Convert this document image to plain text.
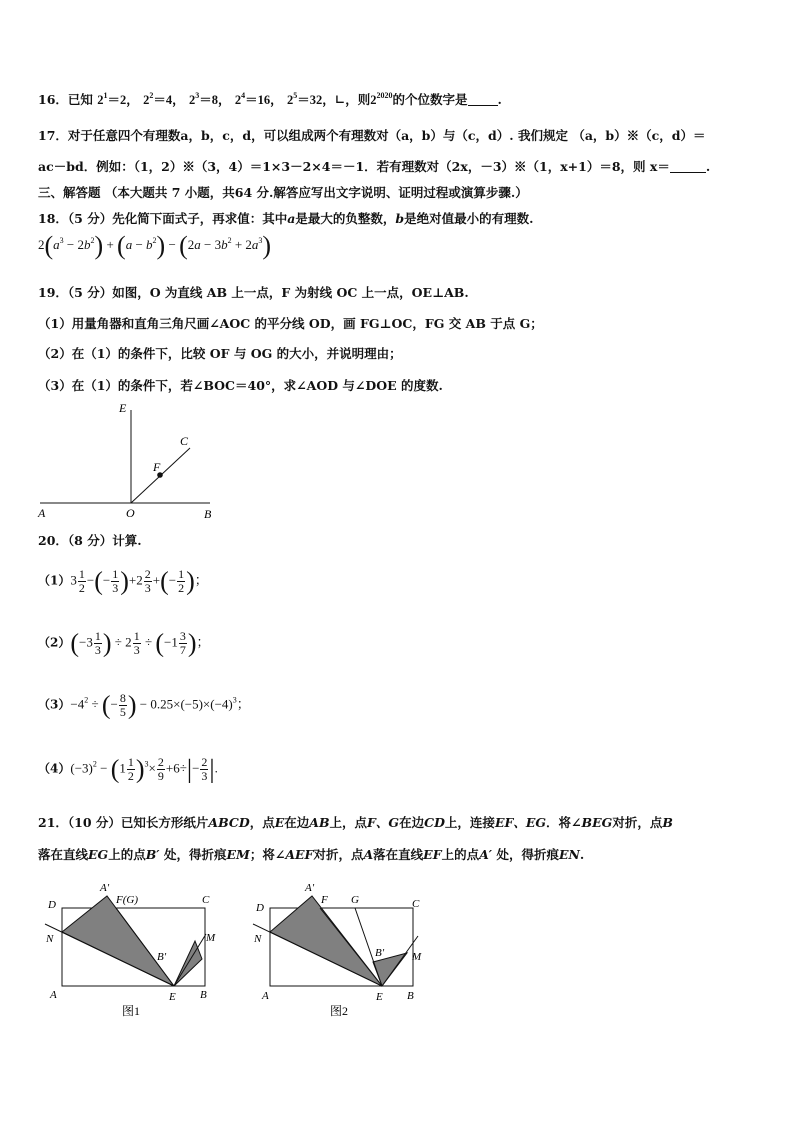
16．已知 $2^1=2$， $2^2=4$， $2^3=8$， $2^4=16$， $2^5=32$，∟，则$2^{2020}$的个位数字是 .
17．对于任意四个有理数a，b，c，d，可以组成两个有理数对（a，b）与（c，d）. 我们规定 （a，b）※（c，d）＝
ac－bd．例如：（1，2）※（3，4）＝1×3－2×4＝－1．若有理数对（2x，－3）※（1，x+1）＝8，则 x＝	.
三、解答题 （本大题共 7 小题，共64 分.解答应写出文字说明、证明过程或演算步骤.）
18．（5 分）先化简下面式子，再求值：其中a是最大的负整数，b是绝对值最小的有理数.
$2(a^3 - 2b^2) + (a - b^2) - (2a - 3b^2 + 2a^3)$
19．（5 分）如图，O 为直线 AB 上一点，F 为射线 OC 上一点，OE⊥AB.
（1）用量角器和直角三角尺画∠AOC 的平分线 OD，画 FG⊥OC，FG 交 AB 于点 G；
（2）在（1）的条件下，比较 OF 与 OG 的大小，并说明理由；
（3）在（1）的条件下，若∠BOC＝40°，求∠AOD 与∠DOE 的度数.
E
C
F
A	O	B
20．（8 分）计算.
$(1)3 \frac{1}{2}$ −(− $\frac{1}{3} )+2 \frac{2}{3}$ +(− $\frac{1}{2}$ )；
$(2)(-3 \frac{1}{3}$ ) ÷ $2 \frac{1}{3} \div (-1 \frac{3}{7}$ )；
$(3)-4^2$ ÷ (− $\frac{8}{5}$ ) − $0.25\times(-5)\times(-4)^3$；
$(4)(-3)^2 - (1 \frac{1}{2} )^3\times \frac{2}{9} +6\div|- \frac{2}{3}$ |.
21．（10 分）已知长方形纸片ABCD，点E在边AB上，点F、G在边CD上，连接EF、EG．将∠BEG对折，点B
落在直线EG上的点B′ 处，得折痕EM；将∠AEF对折，点A落在直线EF上的点A′ 处，得折痕EN.
D
A′
F(G)	C
N	M
B′
A	E B
图1
D
A′
F G	C
N
M
B′
A	E B
图2
